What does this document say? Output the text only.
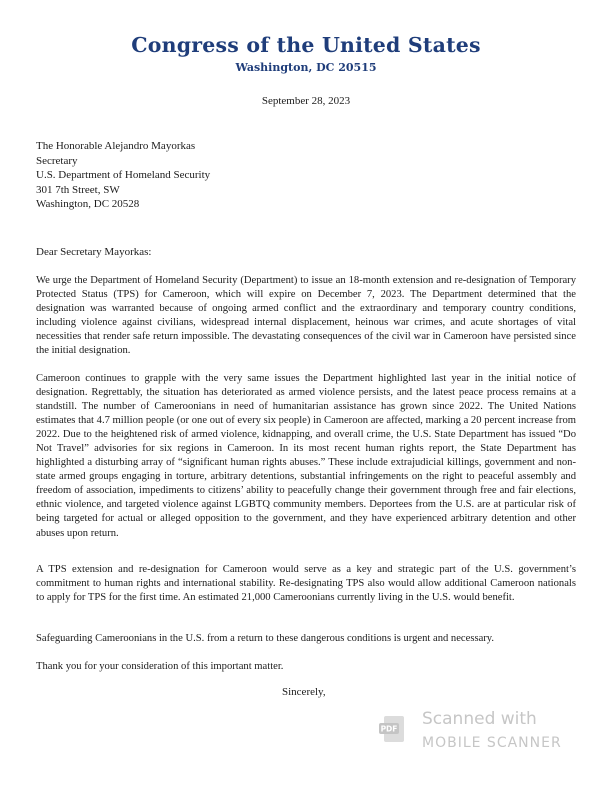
Congress of the United States
Washington, DC 20515
September 28, 2023
The Honorable Alejandro Mayorkas
Secretary
U.S. Department of Homeland Security
301 7th Street, SW
Washington, DC 20528
Dear Secretary Mayorkas:
We urge the Department of Homeland Security (Department) to issue an 18-month extension and re-designation of Temporary Protected Status (TPS) for Cameroon, which will expire on December 7, 2023. The Department determined that the designation was warranted because of ongoing armed conflict and the extraordinary and temporary country conditions, including violence against civilians, widespread internal displacement, heinous war crimes, and acute shortages of vital necessities that render safe return impossible. The devastating consequences of the civil war in Cameroon have persisted since the initial designation.
Cameroon continues to grapple with the very same issues the Department highlighted last year in the initial notice of designation. Regrettably, the situation has deteriorated as armed violence persists, and the latest peace process remains at a standstill. The number of Cameroonians in need of humanitarian assistance has grown since 2022. The United Nations estimates that 4.7 million people (or one out of every six people) in Cameroon are affected, marking a 20 percent increase from 2022. Due to the heightened risk of armed violence, kidnapping, and overall crime, the U.S. State Department has issued “Do Not Travel” advisories for six regions in Cameroon. In its most recent human rights report, the State Department has highlighted a disturbing array of “significant human rights abuses.” These include extrajudicial killings, government and non-state armed groups engaging in torture, arbitrary detentions, substantial infringements on the right to peaceful assembly and freedom of association, impediments to citizens’ ability to peacefully change their government through free and fair elections, ethnic violence, and targeted violence against LGBTQ community members. Deportees from the U.S. are at particular risk of being targeted for actual or alleged opposition to the government, and they have experienced arbitrary detention and other abuses upon return.
A TPS extension and re-designation for Cameroon would serve as a key and strategic part of the U.S. government’s commitment to human rights and international stability. Re-designating TPS also would allow additional Cameroon nationals to apply for TPS for the first time. An estimated 21,000 Cameroonians currently living in the U.S. would benefit.
Safeguarding Cameroonians in the U.S. from a return to these dangerous conditions is urgent and necessary.
Thank you for your consideration of this important matter.
Sincerely,
PDF Scanned with
MOBILE SCANNER
